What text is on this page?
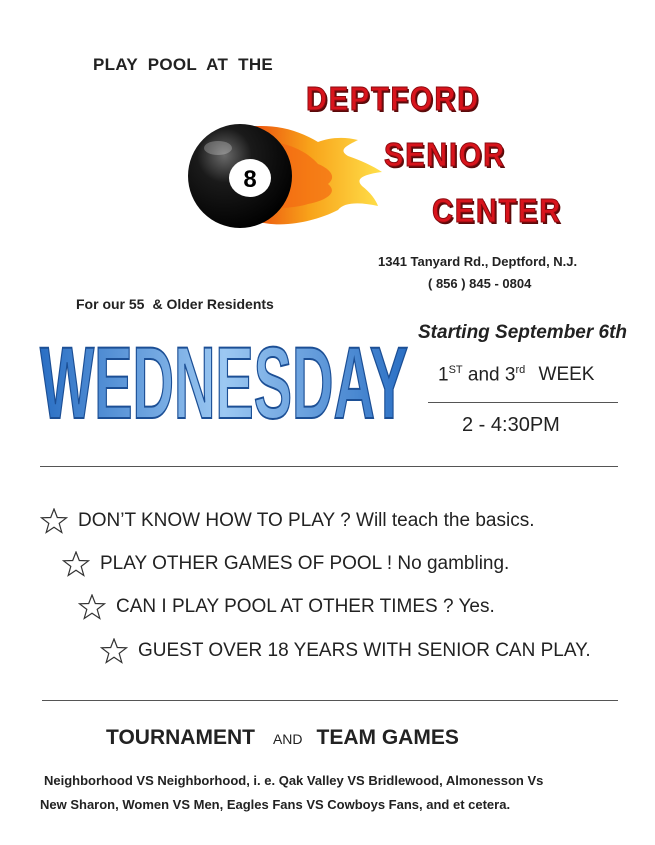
PLAY POOL AT THE
8
DEPTFORD
SENIOR
CENTER
1341 Tanyard Rd., Deptford, N.J.
( 856 ) 845 - 0804
For our 55 & Older Residents
WEDNESDAY Starting September 6th
1ST and 3rd WEEK
2 - 4:30PM
DON’T KNOW HOW TO PLAY ? Will teach the basics.
PLAY OTHER GAMES OF POOL ! No gambling.
CAN I PLAY POOL AT OTHER TIMES ? Yes.
GUEST OVER 18 YEARS WITH SENIOR CAN PLAY.
TOURNAMENT AND TEAM GAMES
Neighborhood VS Neighborhood, i. e. Qak Valley VS Bridlewood, Almonesson Vs
New Sharon, Women VS Men, Eagles Fans VS Cowboys Fans, and et cetera.
